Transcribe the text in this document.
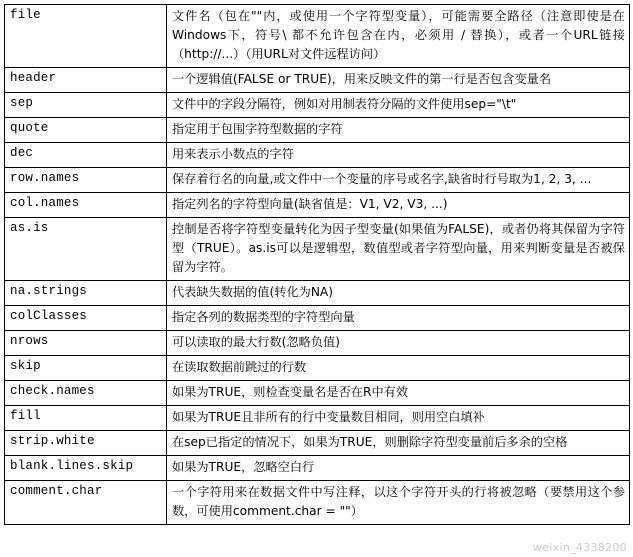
file	文件名（包在""内，或使用一个字符型变量），可能需要全路径（注意即使是在Windows下，符号\ 都不允许包含在内，必须用 / 替换），或者一个URL链接（http://...）（用URL对文件远程访问）
header	一个逻辑值(FALSE or TRUE)，用来反映文件的第一行是否包含变量名
sep	文件中的字段分隔符，例如对用制表符分隔的文件使用sep="\t"
quote	指定用于包围字符型数据的字符
dec	用来表示小数点的字符
row.names	保存着行名的向量,或文件中一个变量的序号或名字,缺省时行号取为1, 2, 3, ...
col.names	指定列名的字符型向量(缺省值是：V1, V2, V3, ...)
as.is	控制是否将字符型变量转化为因子型变量(如果值为FALSE)，或者仍将其保留为字符型（TRUE）。as.is可以是逻辑型，数值型或者字符型向量，用来判断变量是否被保留为字符。
na.strings	代表缺失数据的值(转化为NA)
colClasses	指定各列的数据类型的字符型向量
nrows	可以读取的最大行数(忽略负值)
skip	在读取数据前跳过的行数
check.names	如果为TRUE，则检查变量名是否在R中有效
fill	如果为TRUE且非所有的行中变量数目相同，则用空白填补
strip.white	在sep已指定的情况下，如果为TRUE，则删除字符型变量前后多余的空格
blank.lines.skip	如果为TRUE，忽略空白行
comment.char	一个字符用来在数据文件中写注释，以这个字符开头的行将被忽略（要禁用这个参数，可使用comment.char = ""）
weixin_4338200
